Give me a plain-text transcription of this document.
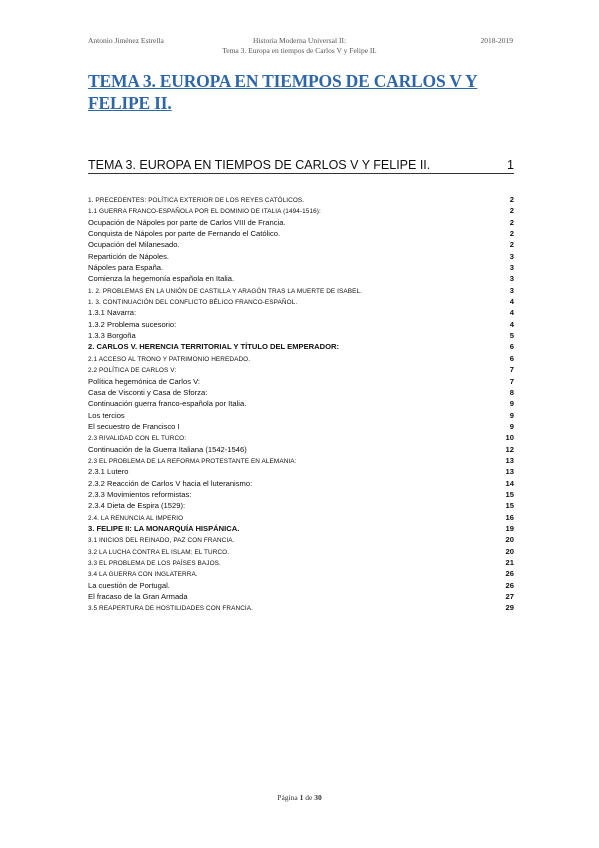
Antonio Jiménez Estrella	Historia Moderna Universal II:
Tema 3. Europa en tiempos de Carlos V y Felipe II.
2018-2019
TEMA 3. EUROPA EN TIEMPOS DE CARLOS V Y FELIPE II.
TEMA 3. EUROPA EN TIEMPOS DE CARLOS V Y FELIPE II.	1
1. PRECEDENTES: POLÍTICA EXTERIOR DE LOS REYES CATÓLICOS.	2
1.1 GUERRA FRANCO-ESPAÑOLA POR EL DOMINIO DE ITALIA (1494-1516):	2
Ocupación de Nápoles por parte de Carlos VIII de Francia.	2
Conquista de Nápoles por parte de Fernando el Católico.	2
Ocupación del Milanesado.	2
Repartición de Nápoles.	3
Nápoles para España.	3
Comienza la hegemonía española en Italia.	3
1. 2. PROBLEMAS EN LA UNIÓN DE CASTILLA Y ARAGÓN TRAS LA MUERTE DE ISABEL.	3
1. 3. CONTINUACIÓN DEL CONFLICTO BÉLICO FRANCO-ESPAÑOL.	4
1.3.1 Navarra:	4
1.3.2 Problema sucesorio:	4
1.3.3 Borgoña	5
2. CARLOS V. HERENCIA TERRITORIAL Y TÍTULO DEL EMPERADOR:	6
2.1 ACCESO AL TRONO Y PATRIMONIO HEREDADO.	6
2.2 POLÍTICA DE CARLOS V:	7
Política hegemónica de Carlos V:	7
Casa de Visconti y Casa de Sforza:	8
Continuación guerra franco-española por Italia.	9
Los tercios	9
El secuestro de Francisco I	9
2.3 RIVALIDAD CON EL TURCO:	10
Continuación de la Guerra Italiana (1542-1546)	12
2.3 EL PROBLEMA DE LA REFORMA PROTESTANTE EN ALEMANIA:	13
2.3.1 Lutero	13
2.3.2 Reacción de Carlos V hacia el luteranismo:	14
2.3.3 Movimientos reformistas:	15
2.3.4 Dieta de Espira (1529):	15
2.4. LA RENUNCIA AL IMPERIO	16
3. FELIPE II: LA MONARQUÍA HISPÁNICA.	19
3.1 INICIOS DEL REINADO, PAZ CON FRANCIA.	20
3.2 LA LUCHA CONTRA EL ISLAM: EL TURCO.	20
3.3 EL PROBLEMA DE LOS PAÍSES BAJOS.	21
3.4 LA GUERRA CON INGLATERRA.	26
La cuestión de Portugal.	26
El fracaso de la Gran Armada	27
3.5 REAPERTURA DE HOSTILIDADES CON FRANCIA.	29
Página 1 de 30
